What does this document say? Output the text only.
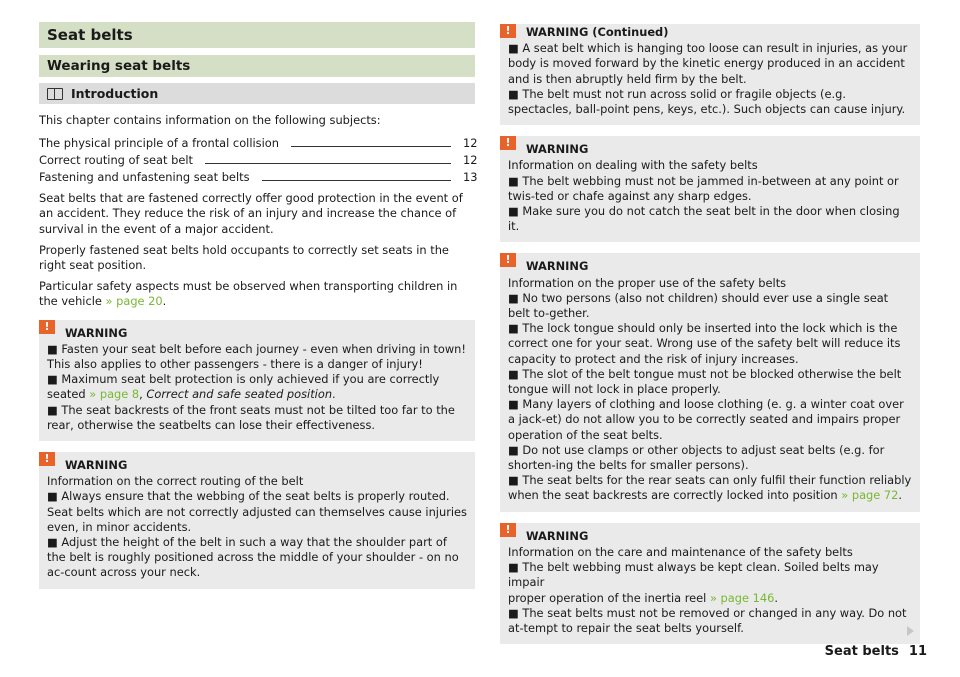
Seat belts
Wearing seat belts
Introduction

This chapter contains information on the following subjects:

The physical principle of a frontal collision	12
Correct routing of seat belt	12
Fastening and unfastening seat belts	13

Seat belts that are fastened correctly offer good protection in the event of an accident. They reduce the risk of an injury and increase the chance of survival in the event of a major accident.

Properly fastened seat belts hold occupants to correctly set seats in the right seat position.

Particular safety aspects must be observed when transporting children in the vehicle » page 20.

!	WARNING
■ Fasten your seat belt before each journey - even when driving in town! This also applies to other passengers - there is a danger of injury!
■ Maximum seat belt protection is only achieved if you are correctly seated » page 8, Correct and safe seated position.
■ The seat backrests of the front seats must not be tilted too far to the rear, otherwise the seatbelts can lose their effectiveness.
!	WARNING
Information on the correct routing of the belt
■ Always ensure that the webbing of the seat belts is properly routed. Seat belts which are not correctly adjusted can themselves cause injuries even, in minor accidents.
■ Adjust the height of the belt in such a way that the shoulder part of the belt is roughly positioned across the middle of your shoulder - on no ac-count across your neck.
!	WARNING (Continued)
■ A seat belt which is hanging too loose can result in injuries, as your body is moved forward by the kinetic energy produced in an accident and is then abruptly held firm by the belt.
■ The belt must not run across solid or fragile objects (e.g. spectacles, ball-point pens, keys, etc.). Such objects can cause injury.
!	WARNING
Information on dealing with the safety belts
■ The belt webbing must not be jammed in-between at any point or twis-ted or chafe against any sharp edges.
■ Make sure you do not catch the seat belt in the door when closing it.
!	WARNING
Information on the proper use of the safety belts
■ No two persons (also not children) should ever use a single seat belt to-gether.
■ The lock tongue should only be inserted into the lock which is the correct one for your seat. Wrong use of the safety belt will reduce its capacity to protect and the risk of injury increases.
■ The slot of the belt tongue must not be blocked otherwise the belt tongue will not lock in place properly.
■ Many layers of clothing and loose clothing (e. g. a winter coat over a jack-et) do not allow you to be correctly seated and impairs proper operation of the seat belts.
■ Do not use clamps or other objects to adjust seat belts (e.g. for shorten-ing the belts for smaller persons).
■ The seat belts for the rear seats can only fulfil their function reliably when the seat backrests are correctly locked into position » page 72.
!	WARNING
Information on the care and maintenance of the safety belts
■ The belt webbing must always be kept clean. Soiled belts may impair
proper operation of the inertia reel » page 146.
■ The seat belts must not be removed or changed in any way. Do not at-tempt to repair the seat belts yourself.
Seat belts 11
